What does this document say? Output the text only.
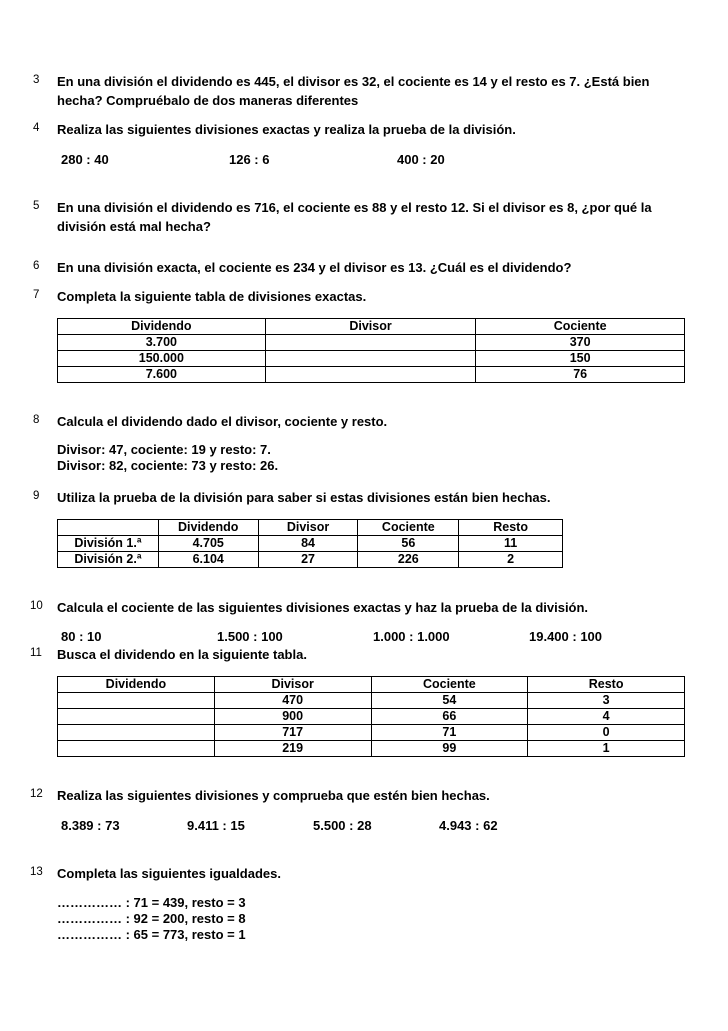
3 En una división el dividendo es 445, el divisor es 32, el cociente es 14 y el resto es 7. ¿Está bien
hecha? Compruébalo de dos maneras diferentes
4 Realiza las siguientes divisiones exactas y realiza la prueba de la división.
280 : 40	126 : 6	400 : 20
5 En una división el dividendo es 716, el cociente es 88 y el resto 12. Si el divisor es 8, ¿por qué la
división está mal hecha?
6 En una división exacta, el cociente es 234 y el divisor es 13. ¿Cuál es el dividendo?
7 Completa la siguiente tabla de divisiones exactas.
Dividendo	Divisor	Cociente
3.700		370
150.000		150
7.600		76
8 Calcula el dividendo dado el divisor, cociente y resto.
Divisor: 47, cociente: 19 y resto: 7.
Divisor: 82, cociente: 73 y resto: 26.
9 Utiliza la prueba de la división para saber si estas divisiones están bien hechas.
	Dividendo	Divisor	Cociente	Resto
División 1.ª	4.705	84	56	11
División 2.ª	6.104	27	226	2
10 Calcula el cociente de las siguientes divisiones exactas y haz la prueba de la división.
80 : 10	1.500 : 100	1.000 : 1.000	19.400 : 100
11 Busca el dividendo en la siguiente tabla.
Dividendo	Divisor	Cociente	Resto
	470	54	3
	900	66	4
	717	71	0
	219	99	1
12 Realiza las siguientes divisiones y comprueba que estén bien hechas.
8.389 : 73	9.411 : 15	5.500 : 28	4.943 : 62
13 Completa las siguientes igualdades.
…………… : 71 = 439, resto = 3
…………… : 92 = 200, resto = 8
…………… : 65 = 773, resto = 1
